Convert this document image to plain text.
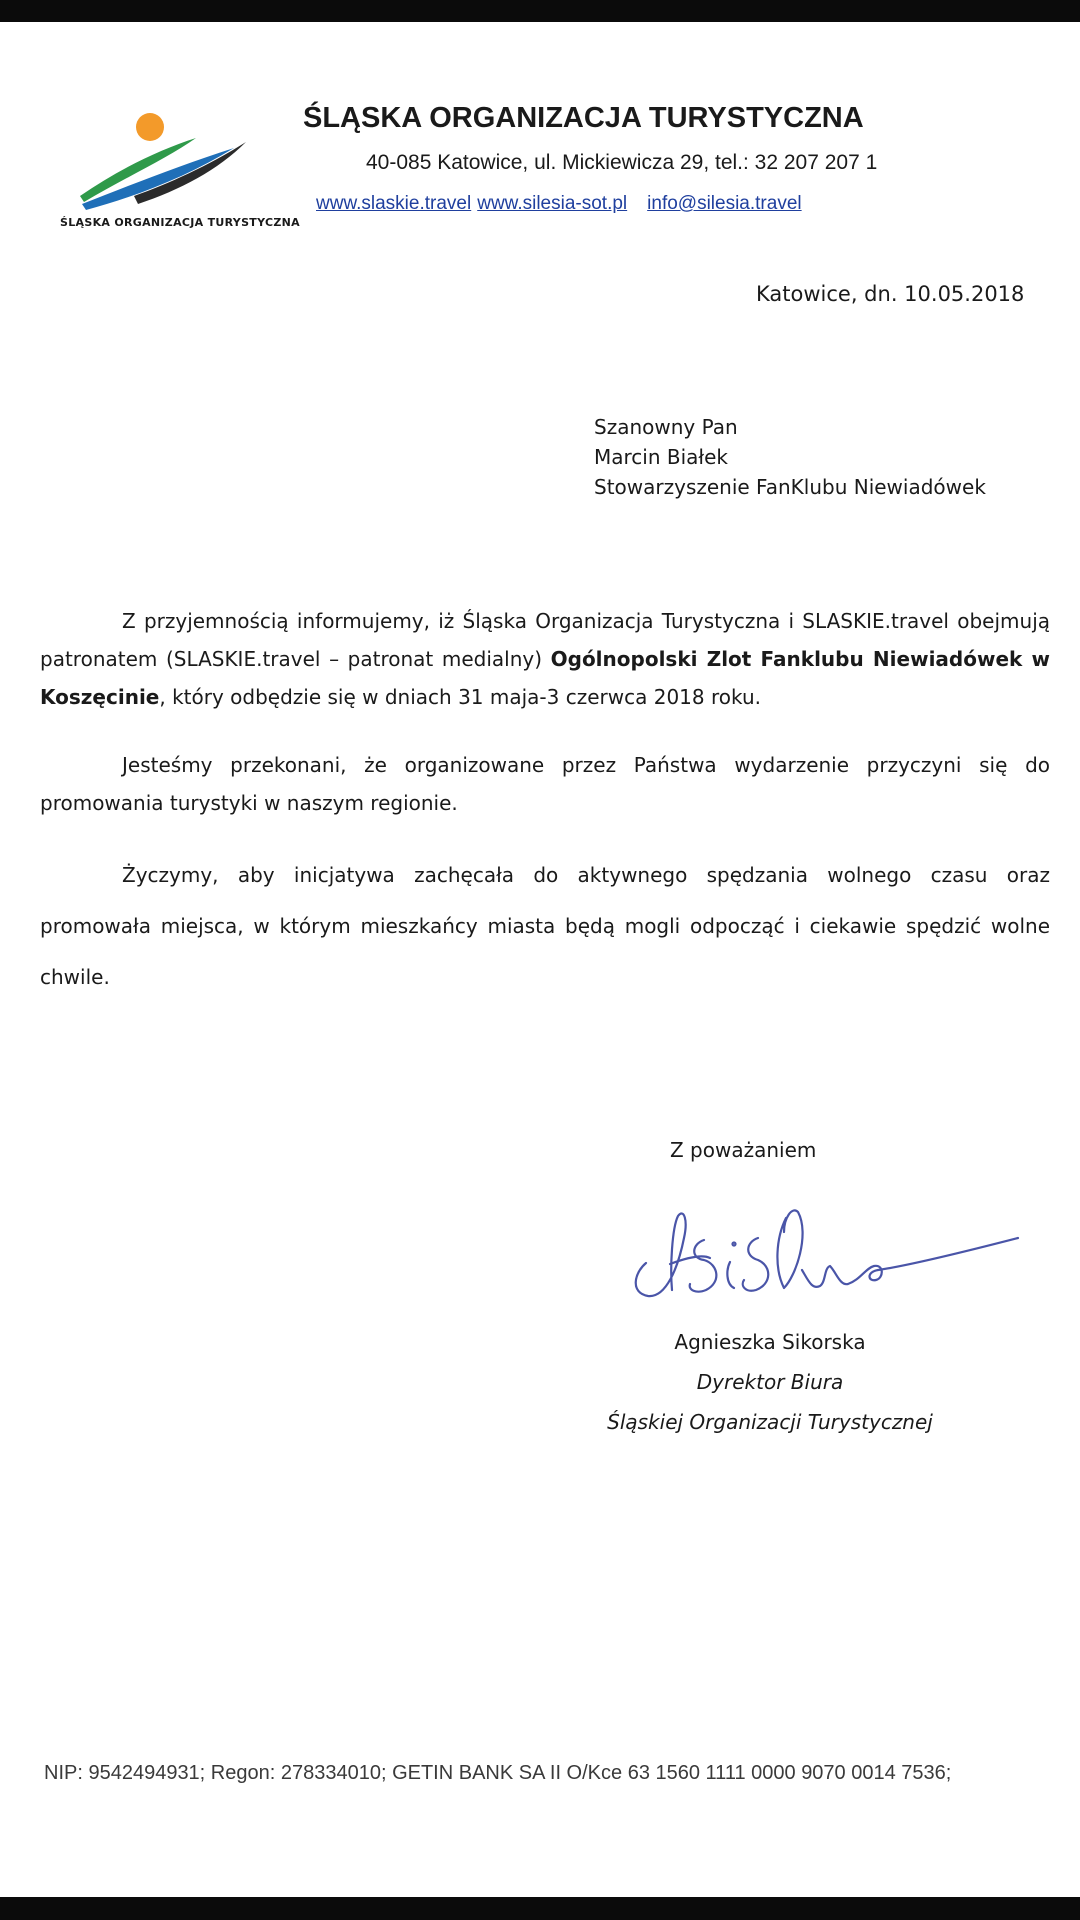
ŚLĄSKA ORGANIZACJA TURYSTYCZNA
ŚLĄSKA ORGANIZACJA TURYSTYCZNA
40-085 Katowice, ul. Mickiewicza 29, tel.: 32 207 207 1
www.slaskie.travel www.silesia-sot.pl info@silesia.travel
Katowice, dn. 10.05.2018
Szanowny Pan
Marcin Białek
Stowarzyszenie FanKlubu Niewiadówek

Z przyjemnością informujemy, iż Śląska Organizacja Turystyczna i SLASKIE.travel obejmują patronatem (SLASKIE.travel – patronat medialny) Ogólnopolski Zlot Fanklubu Niewiadówek w Koszęcinie, który odbędzie się w dniach 31 maja-3 czerwca 2018 roku.

Jesteśmy przekonani, że organizowane przez Państwa wydarzenie przyczyni się do promowania turystyki w naszym regionie.

Życzymy, aby inicjatywa zachęcała do aktywnego spędzania wolnego czasu oraz promowała miejsca, w którym mieszkańcy miasta będą mogli odpocząć i ciekawie spędzić wolne chwile.

Z poważaniem
Agnieszka Sikorska
Dyrektor Biura
Śląskiej Organizacji Turystycznej
NIP: 9542494931; Regon: 278334010; GETIN BANK SA II O/Kce 63 1560 1111 0000 9070 0014 7536;
